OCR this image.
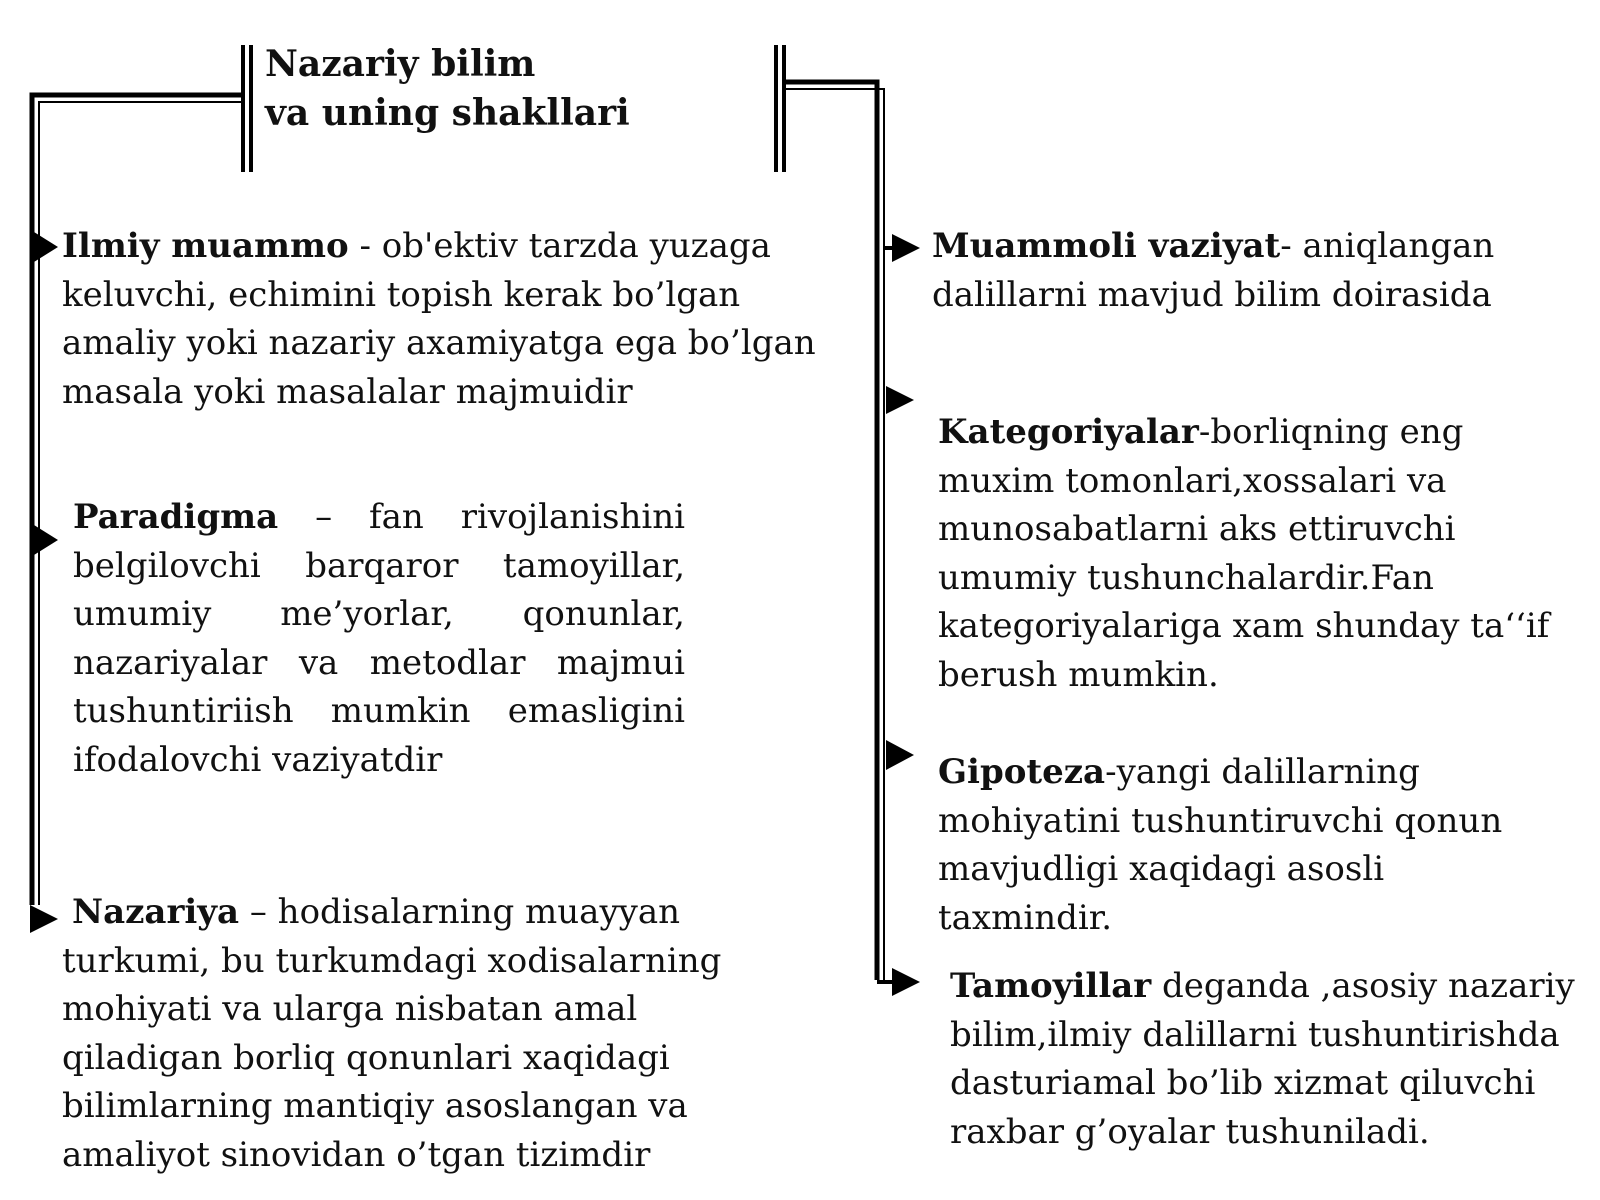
Nazariy bilim
va uning shakllari
Ilmiy muammo - ob'ektiv tarzda yuzaga keluvchi, echimini topish kerak bo’lgan amaliy yoki nazariy axamiyatga ega bo’lgan masala yoki masalalar majmuidir
Paradigma – fan rivojlanishini belgilovchi barqaror tamoyillar, umumiy me’yorlar, qonunlar, nazariyalar va metodlar majmui tushuntiriish mumkin emasligini ifodalovchi vaziyatdir
Nazariya – hodisalarning muayyan turkumi, bu turkumdagi xodisalarning mohiyati va ularga nisbatan amal qiladigan borliq qonunlari xaqidagi bilimlarning mantiqiy asoslangan va amaliyot sinovidan o’tgan tizimdir
Muammoli vaziyat- aniqlangan dalillarni mavjud bilim doirasida
Kategoriyalar-borliqning eng muxim tomonlari,xossalari va munosabatlarni aks ettiruvchi umumiy tushunchalardir.Fan kategoriyalariga xam shunday ta‘‘if berush mumkin.
Gipoteza-yangi dalillarning mohiyatini tushuntiruvchi qonun mavjudligi xaqidagi asosli taxmindir.
Tamoyillar deganda ,asosiy nazariy bilim,ilmiy dalillarni tushuntirishda dasturiamal bo’lib xizmat qiluvchi raxbar g’oyalar tushuniladi.
